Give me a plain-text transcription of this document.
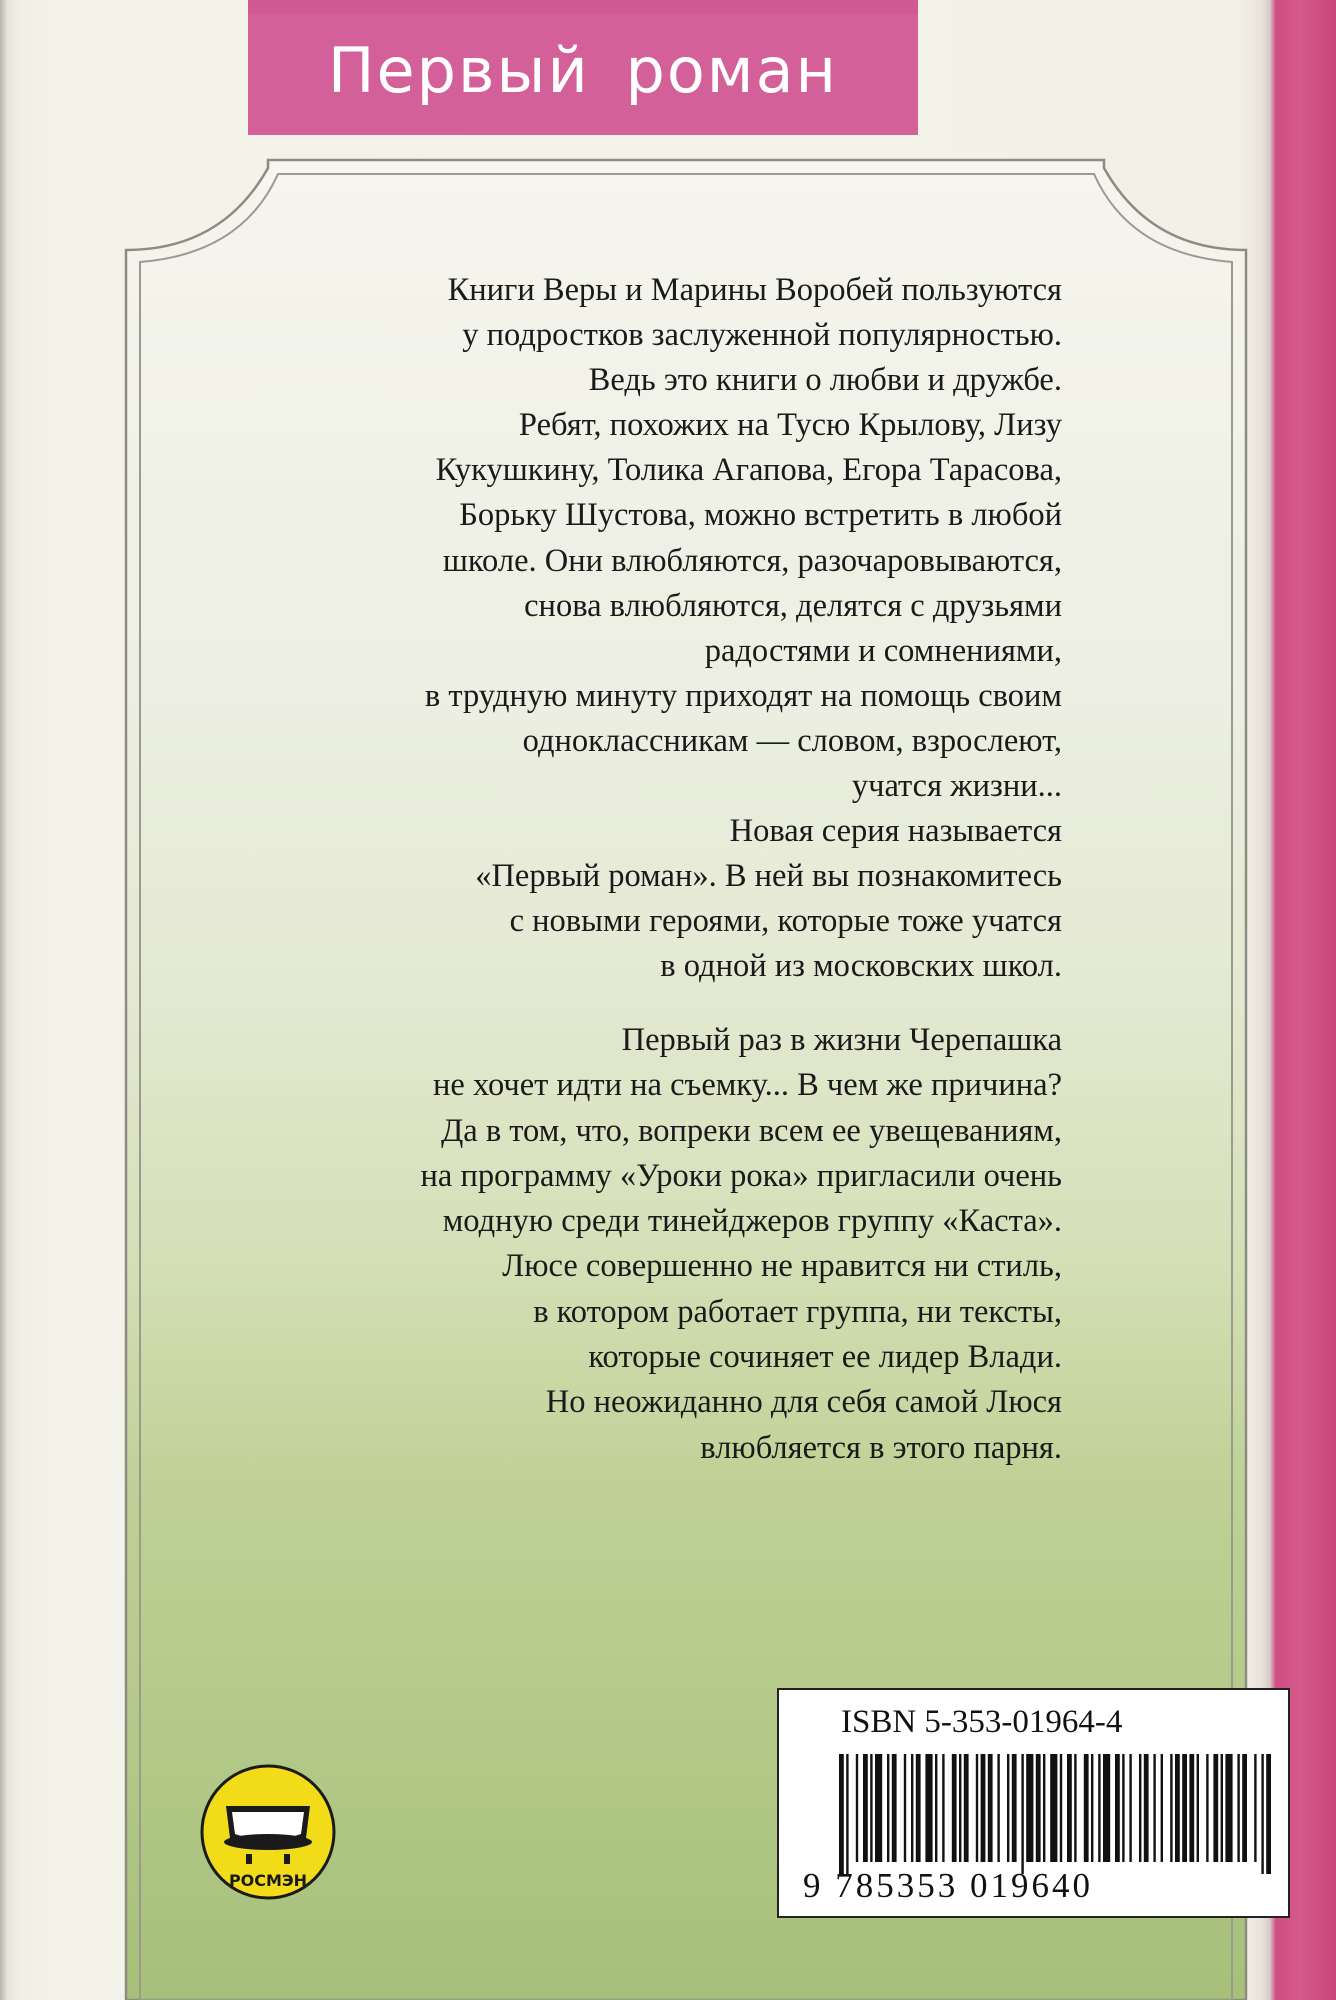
Первый роман
Книги Веры и Марины Воробей пользуются
у подростков заслуженной популярностью.
Ведь это книги о любви и дружбе.
Ребят, похожих на Тусю Крылову, Лизу
Кукушкину, Толика Агапова, Егора Тарасова,
Борьку Шустова, можно встретить в любой
школе. Они влюбляются, разочаровываются,
снова влюбляются, делятся с друзьями
радостями и сомнениями,
в трудную минуту приходят на помощь своим
одноклассникам — словом, взрослеют,
учатся жизни...
Новая серия называется
«Первый роман». В ней вы познакомитесь
с новыми героями, которые тоже учатся
в одной из московских школ.
Первый раз в жизни Черепашка
не хочет идти на съемку... В чем же причина?
Да в том, что, вопреки всем ее увещеваниям,
на программу «Уроки рока» пригласили очень
модную среди тинейджеров группу «Каста».
Люсе совершенно не нравится ни стиль,
в котором работает группа, ни тексты,
которые сочиняет ее лидер Влади.
Но неожиданно для себя самой Люся
влюбляется в этого парня.
РОСМЭН
ISBN 5-353-01964-4
9 785353 019640
